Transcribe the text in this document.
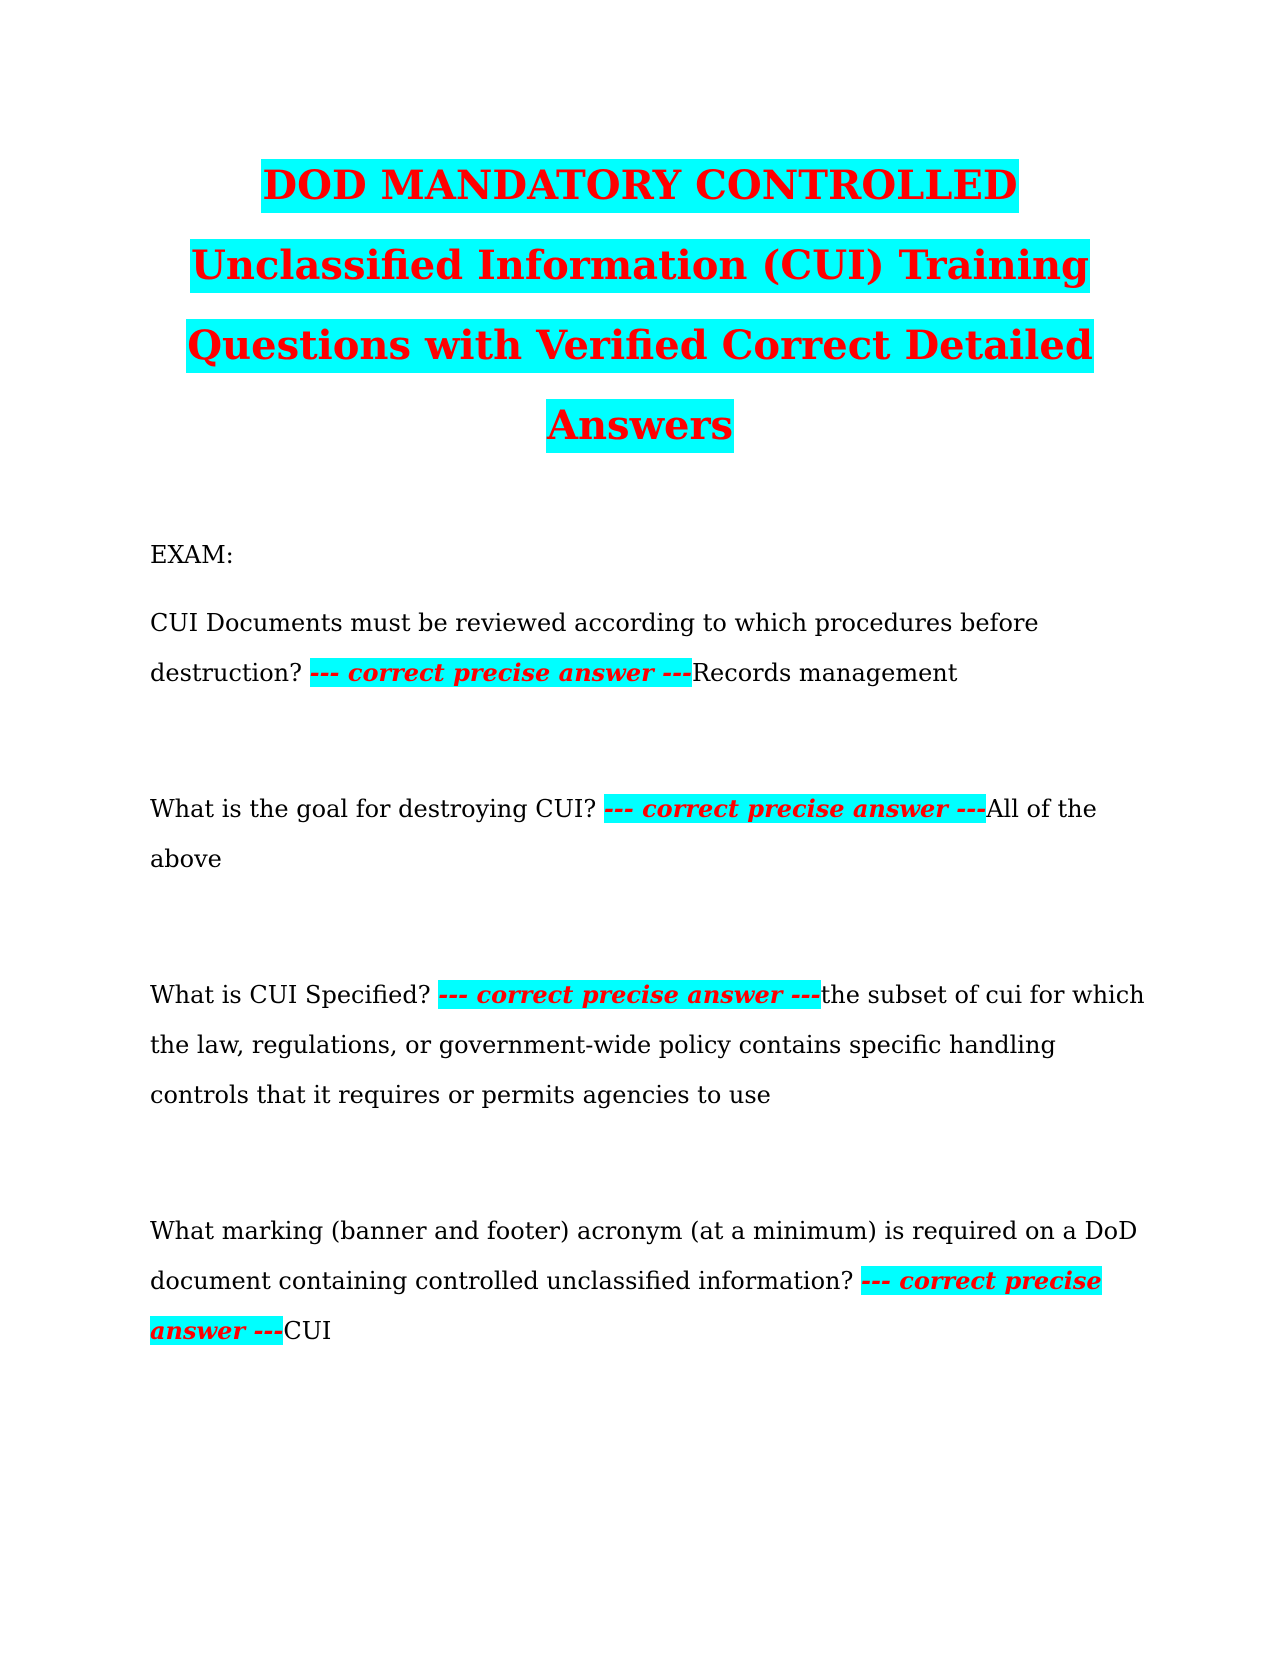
DOD MANDATORY CONTROLLED
Unclassified Information (CUI) Training
Questions with Verified Correct Detailed
Answers
EXAM:
CUI Documents must be reviewed according to which procedures before destruction? --- correct precise answer ---Records management
What is the goal for destroying CUI? --- correct precise answer ---All of the above
What is CUI Specified? --- correct precise answer ---the subset of cui for which the law, regulations, or government-wide policy contains specific handling controls that it requires or permits agencies to use
What marking (banner and footer) acronym (at a minimum) is required on a DoD document containing controlled unclassified information? --- correct precise answer ---CUI
